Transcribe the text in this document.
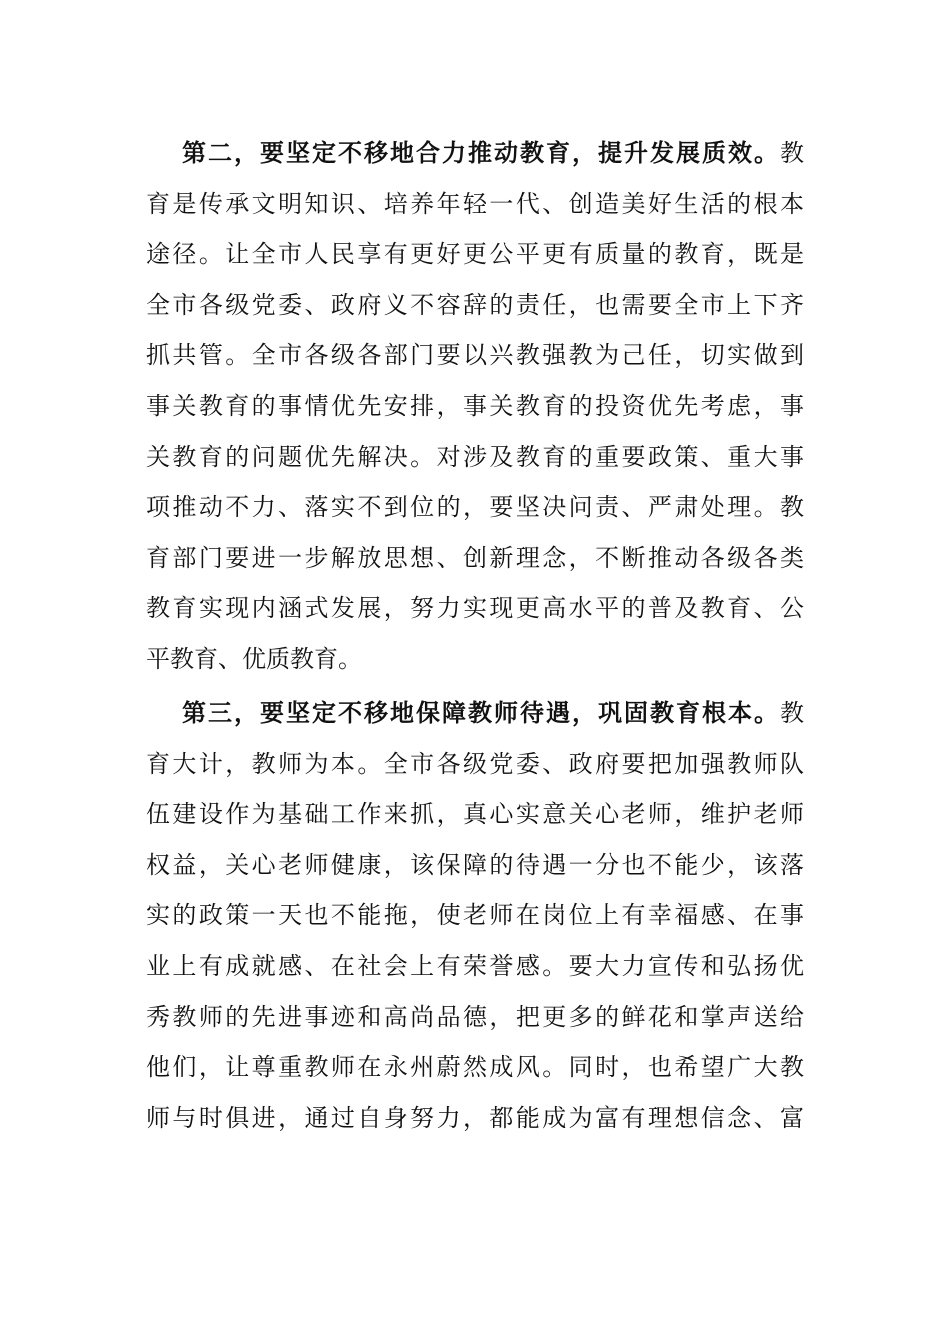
第二，要坚定不移地合力推动教育，提升发展质效。教
育是传承文明知识、培养年轻一代、创造美好生活的根本
途径。让全市人民享有更好更公平更有质量的教育，既是
全市各级党委、政府义不容辞的责任，也需要全市上下齐
抓共管。全市各级各部门要以兴教强教为己任，切实做到
事关教育的事情优先安排，事关教育的投资优先考虑，事
关教育的问题优先解决。对涉及教育的重要政策、重大事
项推动不力、落实不到位的，要坚决问责、严肃处理。教
育部门要进一步解放思想、创新理念，不断推动各级各类
教育实现内涵式发展，努力实现更高水平的普及教育、公
平教育、优质教育。
第三，要坚定不移地保障教师待遇，巩固教育根本。教
育大计，教师为本。全市各级党委、政府要把加强教师队
伍建设作为基础工作来抓，真心实意关心老师，维护老师
权益，关心老师健康，该保障的待遇一分也不能少，该落
实的政策一天也不能拖，使老师在岗位上有幸福感、在事
业上有成就感、在社会上有荣誉感。要大力宣传和弘扬优
秀教师的先进事迹和高尚品德，把更多的鲜花和掌声送给
他们，让尊重教师在永州蔚然成风。同时，也希望广大教
师与时俱进，通过自身努力，都能成为富有理想信念、富
